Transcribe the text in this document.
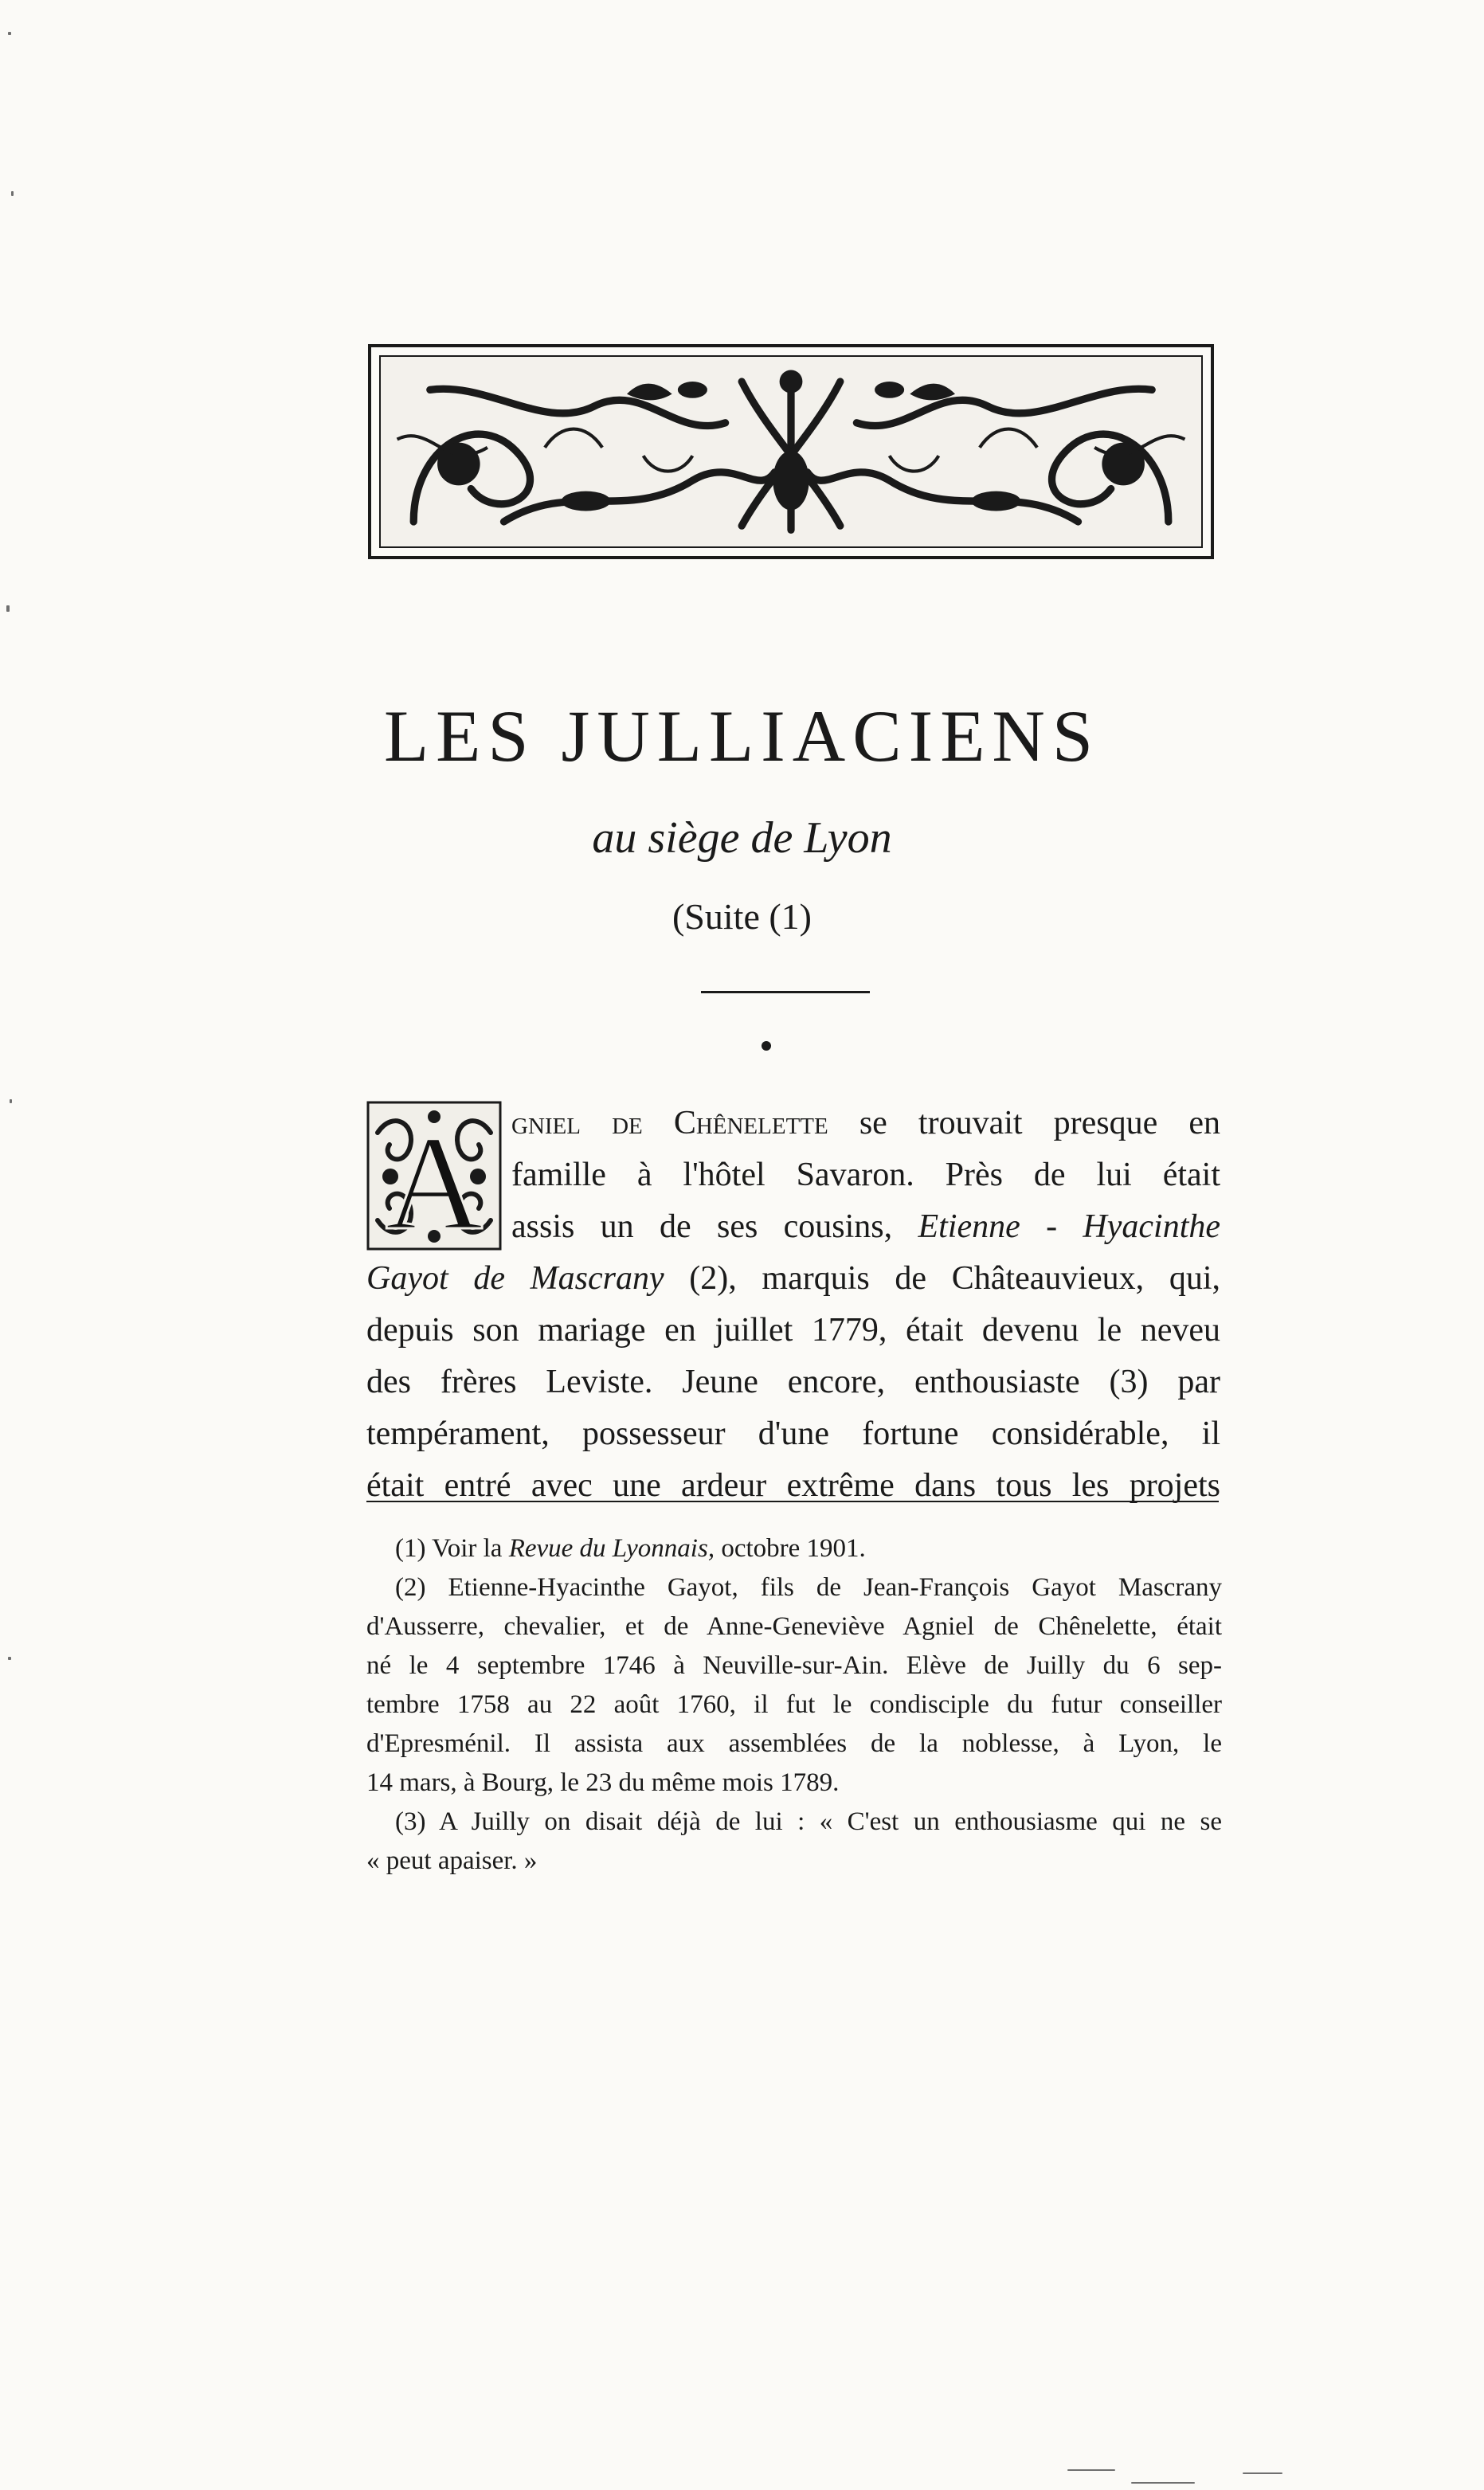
LES JULLIACIENS
au siège de Lyon
(Suite (1)
A gniel de Chênelette se trouvait presque en
famille à l'hôtel Savaron. Près de lui était
assis un de ses cousins, Etienne - Hyacinthe
Gayot de Mascrany (2), marquis de Châteauvieux, qui,
depuis son mariage en juillet 1779, était devenu le neveu
des frères Leviste. Jeune encore, enthousiaste (3) par
tempérament, possesseur d'une fortune considérable, il
était entré avec une ardeur extrême dans tous les projets

(1) Voir la Revue du Lyonnais, octobre 1901.

(2) Etienne-Hyacinthe Gayot, fils de Jean-François Gayot Mascrany
d'Ausserre, chevalier, et de Anne-Geneviève Agniel de Chênelette, était
né le 4 septembre 1746 à Neuville-sur-Ain. Elève de Juilly du 6 sep-
tembre 1758 au 22 août 1760, il fut le condisciple du futur conseiller
d'Epresménil. Il assista aux assemblées de la noblesse, à Lyon, le
14 mars, à Bourg, le 23 du même mois 1789.

(3) A Juilly on disait déjà de lui : « C'est un enthousiasme qui ne se
« peut apaiser. »
